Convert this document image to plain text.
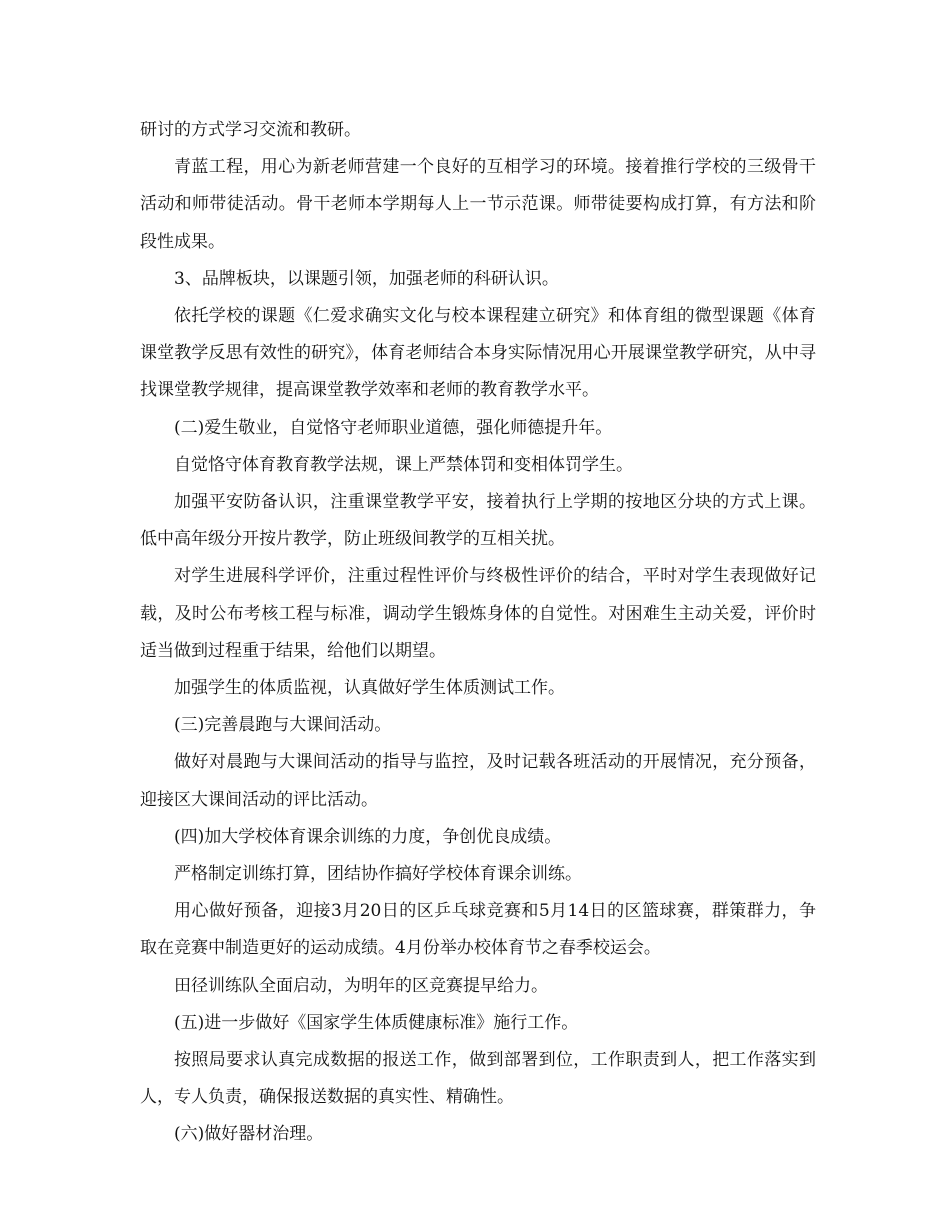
研讨的方式学习交流和教研。

青蓝工程，用心为新老师营建一个良好的互相学习的环境。接着推行学校的三级骨干活动和师带徒活动。骨干老师本学期每人上一节示范课。师带徒要构成打算，有方法和阶段性成果。

3、品牌板块，以课题引领，加强老师的科研认识。

依托学校的课题《仁爱求确实文化与校本课程建立研究》和体育组的微型课题《体育课堂教学反思有效性的研究》，体育老师结合本身实际情况用心开展课堂教学研究，从中寻找课堂教学规律，提高课堂教学效率和老师的教育教学水平。

(二)爱生敬业，自觉恪守老师职业道德，强化师德提升年。

自觉恪守体育教育教学法规，课上严禁体罚和变相体罚学生。

加强平安防备认识，注重课堂教学平安，接着执行上学期的按地区分块的方式上课。低中高年级分开按片教学，防止班级间教学的互相关扰。

对学生进展科学评价，注重过程性评价与终极性评价的结合，平时对学生表现做好记载，及时公布考核工程与标准，调动学生锻炼身体的自觉性。对困难生主动关爱，评价时适当做到过程重于结果，给他们以期望。

加强学生的体质监视，认真做好学生体质测试工作。

(三)完善晨跑与大课间活动。

做好对晨跑与大课间活动的指导与监控，及时记载各班活动的开展情况，充分预备，迎接区大课间活动的评比活动。

(四)加大学校体育课余训练的力度，争创优良成绩。

严格制定训练打算，团结协作搞好学校体育课余训练。

用心做好预备，迎接3月20日的区乒乓球竞赛和5月14日的区篮球赛，群策群力，争取在竞赛中制造更好的运动成绩。4月份举办校体育节之春季校运会。

田径训练队全面启动，为明年的区竞赛提早给力。

(五)进一步做好《国家学生体质健康标准》施行工作。

按照局要求认真完成数据的报送工作，做到部署到位，工作职责到人，把工作落实到人，专人负责，确保报送数据的真实性、精确性。

(六)做好器材治理。
